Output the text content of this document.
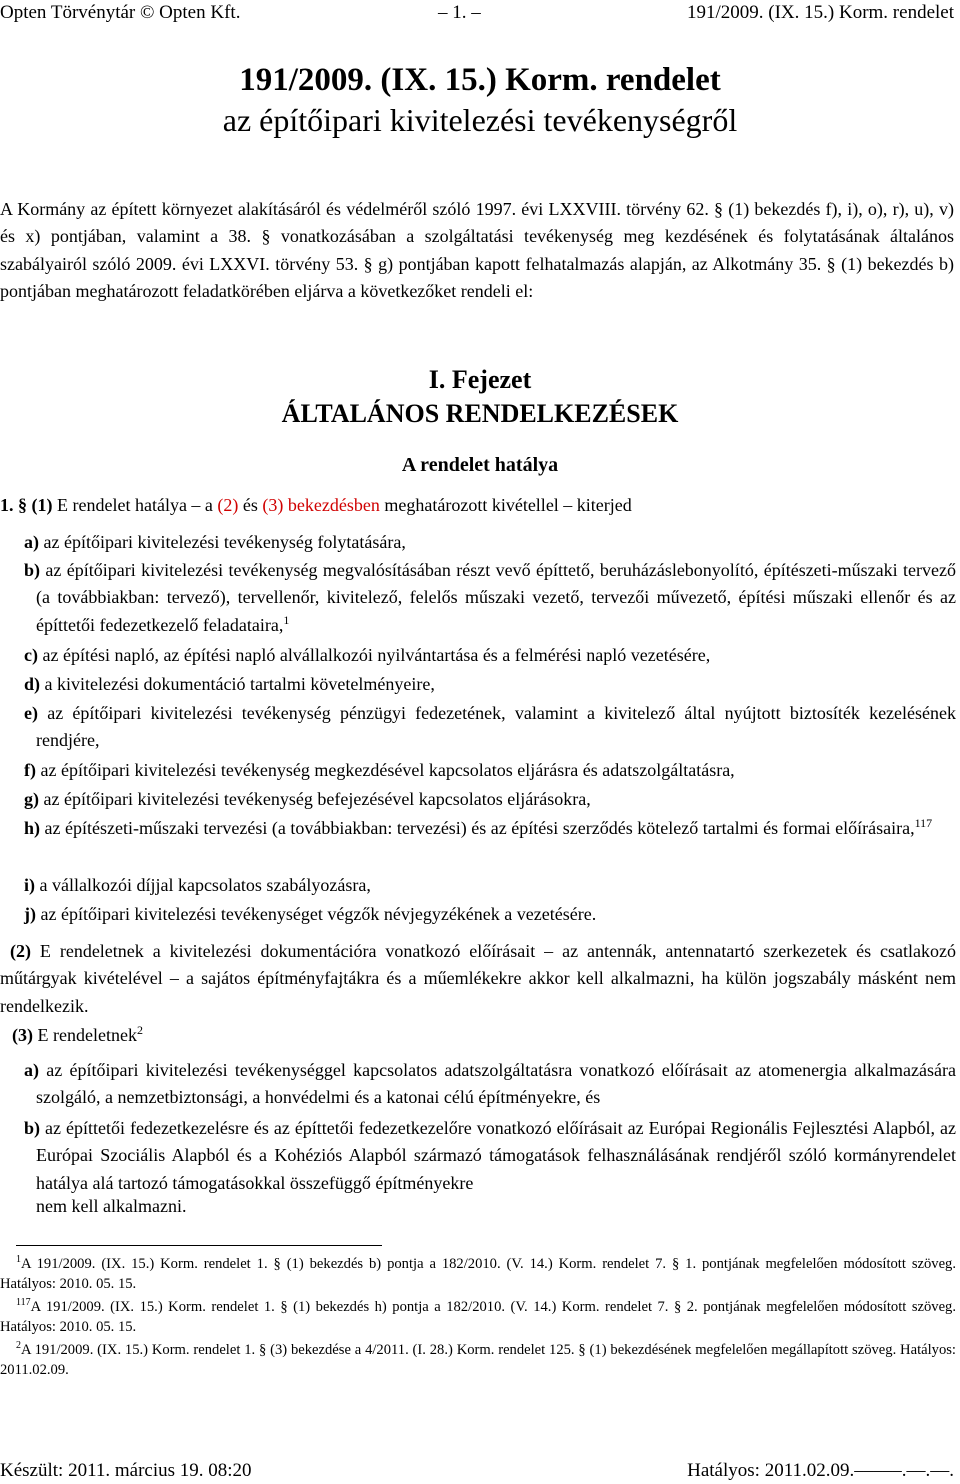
Opten Törvénytár © Opten Kft.	– 1. –	191/2009. (IX. 15.) Korm. rendelet
191/2009. (IX. 15.) Korm. rendelet
az építőipari kivitelezési tevékenységről
A Kormány az épített környezet alakításáról és védelméről szóló 1997. évi LXXVIII. törvény 62. § (1) bekezdés f), i), o), r), u), v) és x) pontjában, valamint a 38. § vonatkozásában a szolgáltatási tevékenység meg kezdésének és folytatásának általános szabályairól szóló 2009. évi LXXVI. törvény 53. § g) pontjában kapott felhatalmazás alapján, az Alkotmány 35. § (1) bekezdés b) pontjában meghatározott feladatkörében eljárva a következőket rendeli el:
I. Fejezet
ÁLTALÁNOS RENDELKEZÉSEK
A rendelet hatálya
1. § (1) E rendelet hatálya – a (2) és (3) bekezdésben meghatározott kivétellel – kiterjed
a) az építőipari kivitelezési tevékenység folytatására,
b) az építőipari kivitelezési tevékenység megvalósításában részt vevő építtető, beruházáslebonyolító, építészeti-műszaki tervező (a továbbiakban: tervező), tervellenőr, kivitelező, felelős műszaki vezető, tervezői művezető, építési műszaki ellenőr és az építtetői fedezetkezelő feladataira,$^1$
c) az építési napló, az építési napló alvállalkozói nyilvántartása és a felmérési napló vezetésére,
d) a kivitelezési dokumentáció tartalmi követelményeire,
e) az építőipari kivitelezési tevékenység pénzügyi fedezetének, valamint a kivitelező által nyújtott biztosíték kezelésének rendjére,
f) az építőipari kivitelezési tevékenység megkezdésével kapcsolatos eljárásra és adatszolgáltatásra,
g) az építőipari kivitelezési tevékenység befejezésével kapcsolatos eljárásokra,
h) az építészeti-műszaki tervezési (a továbbiakban: tervezési) és az építési szerződés kötelező tartalmi és formai előírásaira,$^{117}$
i) a vállalkozói díjjal kapcsolatos szabályozásra,
j) az építőipari kivitelezési tevékenységet végzők névjegyzékének a vezetésére.
(2) E rendeletnek a kivitelezési dokumentációra vonatkozó előírásait – az antennák, antennatartó szerkezetek és csatlakozó műtárgyak kivételével – a sajátos építményfajtákra és a műemlékekre akkor kell alkalmazni, ha külön jogszabály másként nem rendelkezik.
(3) E rendeletnek$^2$
a) az építőipari kivitelezési tevékenységgel kapcsolatos adatszolgáltatásra vonatkozó előírásait az atomenergia alkalmazására szolgáló, a nemzetbiztonsági, a honvédelmi és a katonai célú építményekre, és
b) az építtetői fedezetkezelésre és az építtetői fedezetkezelőre vonatkozó előírásait az Európai Regionális Fejlesztési Alapból, az Európai Szociális Alapból és a Kohéziós Alapból származó támogatások felhasználásának rendjéről szóló kormányrendelet hatálya alá tartozó támogatásokkal összefüggő építményekre
nem kell alkalmazni.
$^1$A 191/2009. (IX. 15.) Korm. rendelet 1. § (1) bekezdés b) pontja a 182/2010. (V. 14.) Korm. rendelet 7. § 1. pontjának megfelelően módosított szöveg. Hatályos: 2010. 05. 15.
$^{117}$A 191/2009. (IX. 15.) Korm. rendelet 1. § (1) bekezdés h) pontja a 182/2010. (V. 14.) Korm. rendelet 7. § 2. pontjának megfelelően módosított szöveg. Hatályos: 2010. 05. 15.
$^2$A 191/2009. (IX. 15.) Korm. rendelet 1. § (3) bekezdése a 4/2011. (I. 28.) Korm. rendelet 125. § (1) bekezdésének megfelelően megállapított szöveg. Hatályos: 2011.02.09.
Készült: 2011. március 19. 08:20	Hatályos: 2011.02.09.–––––.––.––.
